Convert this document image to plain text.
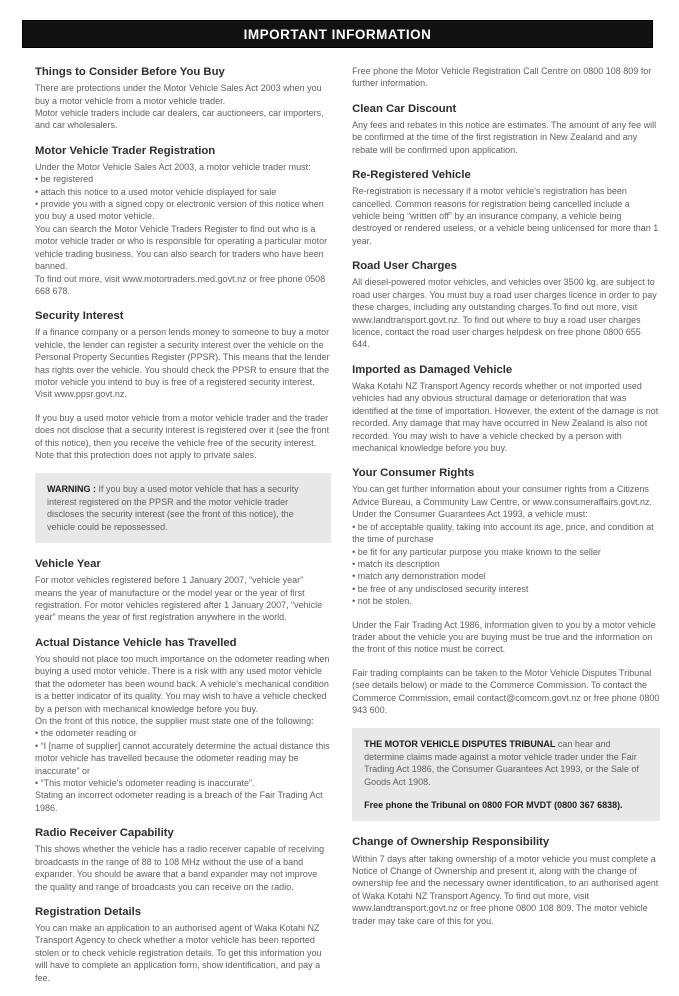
IMPORTANT INFORMATION
Things to Consider Before You Buy

There are protections under the Motor Vehicle Sales Act 2003 when you buy a motor vehicle from a motor vehicle trader.

Motor vehicle traders include car dealers, car auctioneers, car importers, and car wholesalers.

Motor Vehicle Trader Registration

Under the Motor Vehicle Sales Act 2003, a motor vehicle trader must:

• be registered

• attach this notice to a used motor vehicle displayed for sale

• provide you with a signed copy or electronic version of this notice when you buy a used motor vehicle.

You can search the Motor Vehicle Traders Register to find out who is a motor vehicle trader or who is responsible for operating a particular motor vehicle trading business. You can also search for traders who have been banned.

To find out more, visit www.motortraders.med.govt.nz or free phone 0508 668 678.

Security Interest

If a finance company or a person lends money to someone to buy a motor vehicle, the lender can register a security interest over the vehicle on the Personal Property Securities Register (PPSR). This means that the lender has rights over the vehicle. You should check the PPSR to ensure that the motor vehicle you intend to buy is free of a registered security interest. Visit www.ppsr.govt.nz.

If you buy a used motor vehicle from a motor vehicle trader and the trader does not disclose that a security interest is registered over it (see the front of this notice), then you receive the vehicle free of the security interest. Note that this protection does not apply to private sales.

WARNING : If you buy a used motor vehicle that has a security interest registered on the PPSR and the motor vehicle trader discloses the security interest (see the front of this notice), the vehicle could be repossessed.

Vehicle Year

For motor vehicles registered before 1 January 2007, “vehicle year” means the year of manufacture or the model year or the year of first registration. For motor vehicles registered after 1 January 2007, “vehicle year” means the year of first registration anywhere in the world.

Actual Distance Vehicle has Travelled

You should not place too much importance on the odometer reading when buying a used motor vehicle. There is a risk with any used motor vehicle that the odometer has been wound back. A vehicle's mechanical condition is a better indicator of its quality. You may wish to have a vehicle checked by a person with mechanical knowledge before you buy.

On the front of this notice, the supplier must state one of the following:

• the odometer reading or

• “I [name of supplier] cannot accurately determine the actual distance this motor vehicle has travelled because the odometer reading may be inaccurate” or

• “This motor vehicle's odometer reading is inaccurate”.

Stating an incorrect odometer reading is a breach of the Fair Trading Act 1986.

Radio Receiver Capability

This shows whether the vehicle has a radio receiver capable of receiving broadcasts in the range of 88 to 108 MHz without the use of a band expander. You should be aware that a band expander may not improve the quality and range of broadcasts you can receive on the radio.

Registration Details

You can make an application to an authorised agent of Waka Kotahi NZ Transport Agency to check whether a motor vehicle has been reported stolen or to check vehicle registration details. To get this information you will have to complete an application form, show identification, and pay a fee.

Free phone the Motor Vehicle Registration Call Centre on 0800 108 809 for further information.

Clean Car Discount

Any fees and rebates in this notice are estimates. The amount of any fee will be confirmed at the time of the first registration in New Zealand and any rebate will be confirmed upon application.

Re-Registered Vehicle

Re-registration is necessary if a motor vehicle's registration has been cancelled. Common reasons for registration being cancelled include a vehicle being “written off” by an insurance company, a vehicle being destroyed or rendered useless, or a vehicle being unlicensed for more than 1 year.

Road User Charges

All diesel-powered motor vehicles, and vehicles over 3500 kg, are subject to road user charges. You must buy a road user charges licence in order to pay these charges, including any outstanding charges.To find out more, visit www.landtransport.govt.nz. To find out where to buy a road user charges licence, contact the road user charges helpdesk on free phone 0800 655 644.

Imported as Damaged Vehicle

Waka Kotahi NZ Transport Agency records whether or not imported used vehicles had any obvious structural damage or deterioration that was identified at the time of importation. However, the extent of the damage is not recorded. Any damage that may have occurred in New Zealand is also not recorded. You may wish to have a vehicle checked by a person with mechanical knowledge before you buy.

Your Consumer Rights

You can get further information about your consumer rights from a Citizens Advice Bureau, a Community Law Centre, or www.consumeraffairs.govt.nz.

Under the Consumer Guarantees Act 1993, a vehicle must:

• be of acceptable quality, taking into account its age, price, and condition at the time of purchase

• be fit for any particular purpose you make known to the seller

• match its description

• match any demonstration model

• be free of any undisclosed security interest

• not be stolen.

Under the Fair Trading Act 1986, information given to you by a motor vehicle trader about the vehicle you are buying must be true and the information on the front of this notice must be correct.

Fair trading complaints can be taken to the Motor Vehicle Disputes Tribunal (see details below) or made to the Commerce Commission. To contact the Commerce Commission, email contact@comcom.govt.nz or free phone 0800 943 600.

THE MOTOR VEHICLE DISPUTES TRIBUNAL can hear and determine claims made against a motor vehicle trader under the Fair Trading Act 1986, the Consumer Guarantees Act 1993, or the Sale of Goods Act 1908.

Free phone the Tribunal on 0800 FOR MVDT (0800 367 6838).

Change of Ownership Responsibility

Within 7 days after taking ownership of a motor vehicle you must complete a Notice of Change of Ownership and present it, along with the change of ownership fee and the necessary owner identification, to an authorised agent of Waka Kotahi NZ Transport Agency. To find out more, visit www.landtransport.govt.nz or free phone 0800 108 809. The motor vehicle trader may take care of this for you.
